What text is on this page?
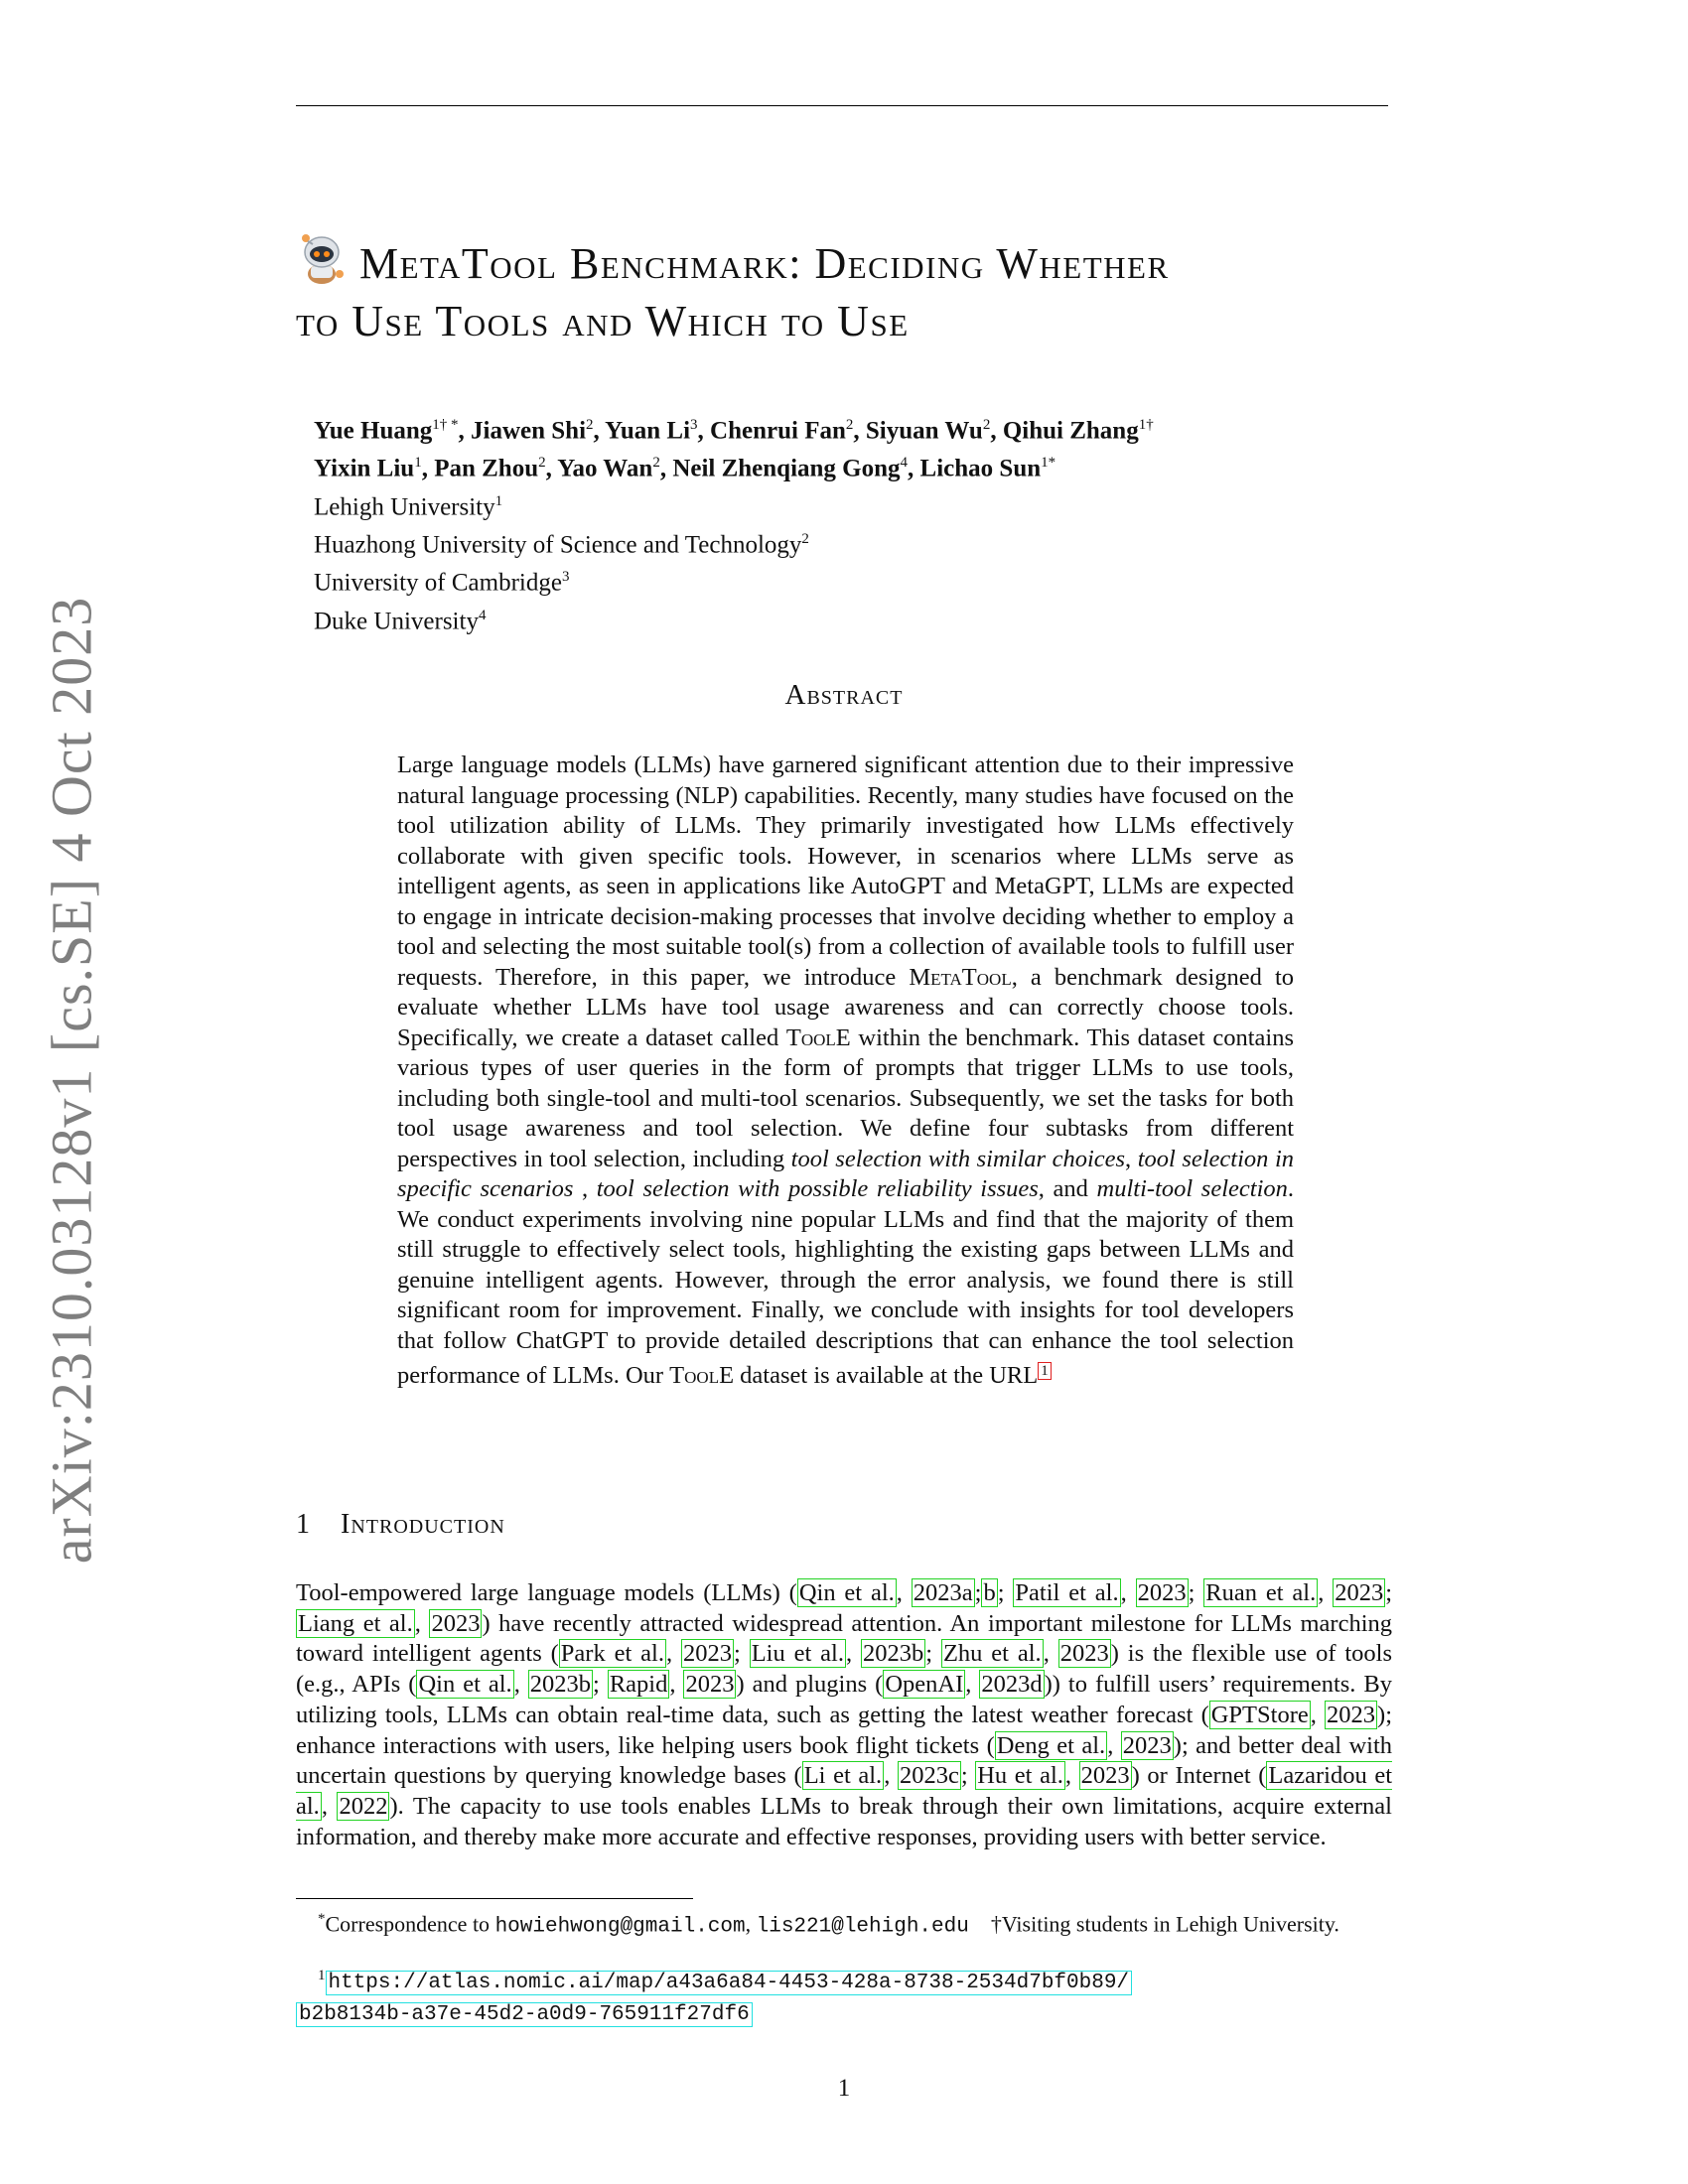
arXiv:2310.03128v1 [cs.SE] 4 Oct 2023
MetaTool Benchmark: Deciding Whether
to Use Tools and Which to Use
Yue Huang$^{1\dagger *}$, Jiawen Shi$^2$, Yuan Li$^3$, Chenrui Fan$^2$, Siyuan Wu$^2$, Qihui Zhang$^{1\dagger}$
Yixin Liu$^1$, Pan Zhou$^2$, Yao Wan$^2$, Neil Zhenqiang Gong$^4$, Lichao Sun$^{1*}$
Lehigh University$^1$
Huazhong University of Science and Technology$^2$
University of Cambridge$^3$
Duke University$^4$
Abstract

Large language models (LLMs) have garnered significant attention due to their impressive natural language processing (NLP) capabilities. Recently, many studies have focused on the tool utilization ability of LLMs. They primarily investigated how LLMs effectively collaborate with given specific tools. However, in scenarios where LLMs serve as intelligent agents, as seen in applications like AutoGPT and MetaGPT, LLMs are expected to engage in intricate decision-making processes that involve deciding whether to employ a tool and selecting the most suitable tool(s) from a collection of available tools to fulfill user requests. Therefore, in this paper, we introduce MetaTool, a benchmark designed to evaluate whether LLMs have tool usage awareness and can correctly choose tools. Specifically, we create a dataset called ToolE within the benchmark. This dataset contains various types of user queries in the form of prompts that trigger LLMs to use tools, including both single-tool and multi-tool scenarios. Subsequently, we set the tasks for both tool usage awareness and tool selection. We define four subtasks from different perspectives in tool selection, including tool selection with similar choices, tool selection in specific scenarios , tool selection with possible reliability issues, and multi-tool selection. We conduct experiments involving nine popular LLMs and find that the majority of them still struggle to effectively select tools, highlighting the existing gaps between LLMs and genuine intelligent agents. However, through the error analysis, we found there is still significant room for improvement. Finally, we conclude with insights for tool developers that follow ChatGPT to provide detailed descriptions that can enhance the tool selection performance of LLMs. Our ToolE dataset is available at the URL $^1$

1 Introduction

Tool-empowered large language models (LLMs) (Qin et al., 2023a;b; Patil et al., 2023; Ruan et al., 2023; Liang et al., 2023) have recently attracted widespread attention. An important milestone for LLMs marching toward intelligent agents (Park et al., 2023; Liu et al., 2023b; Zhu et al., 2023) is the flexible use of tools (e.g., APIs (Qin et al., 2023b; Rapid, 2023) and plugins (OpenAI, 2023d)) to fulfill users’ requirements. By utilizing tools, LLMs can obtain real-time data, such as getting the latest weather forecast (GPTStore, 2023); enhance interactions with users, like helping users book flight tickets (Deng et al., 2023); and better deal with uncertain questions by querying knowledge bases (Li et al., 2023c; Hu et al., 2023) or Internet (Lazaridou et al., 2022). The capacity to use tools enables LLMs to break through their own limitations, acquire external information, and thereby make more accurate and effective responses, providing users with better service.

*Correspondence to howiehwong@gmail.com, lis221@lehigh.edu †Visiting students in Lehigh University.
$^1$ https://atlas.nomic.ai/map/a43a6a84-4453-428a-8738-2534d7bf0b89/
b2b8134b-a37e-45d2-a0d9-765911f27df6
1
